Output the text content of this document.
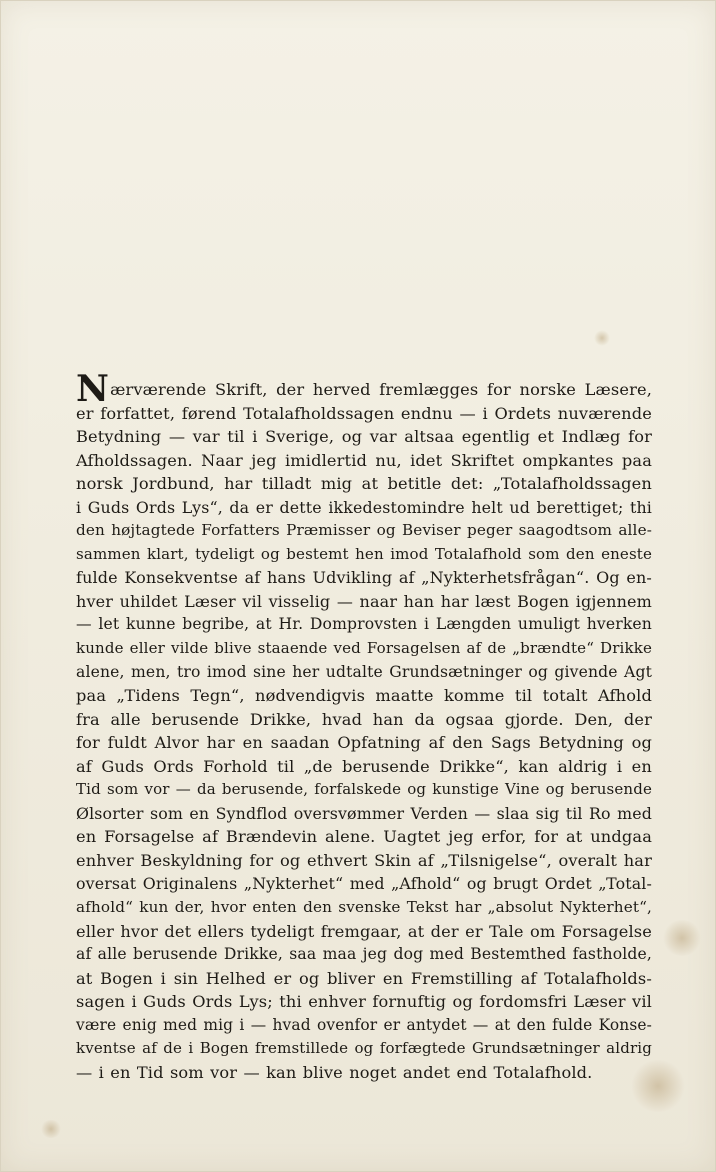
Nærværende Skrift, der herved fremlægges for norske Læsere,
er forfattet, førend Totalafholdssagen endnu — i Ordets nuværende
Betydning — var til i Sverige, og var altsaa egentlig et Indlæg for
Afholdssagen. Naar jeg imidlertid nu, idet Skriftet ompkantes paa
norsk Jordbund, har tilladt mig at betitle det: „Totalafholdssagen
i Guds Ords Lys“, da er dette ikkedestomindre helt ud berettiget; thi
den højtagtede Forfatters Præmisser og Beviser peger saagodtsom alle-
sammen klart, tydeligt og bestemt hen imod Totalafhold som den eneste
fulde Konsekventse af hans Udvikling af „Nykterhetsfrågan“. Og en-
hver uhildet Læser vil visselig — naar han har læst Bogen igjennem
— let kunne begribe, at Hr. Domprovsten i Længden umuligt hverken
kunde eller vilde blive staaende ved Forsagelsen af de „brændte“ Drikke
alene, men, tro imod sine her udtalte Grundsætninger og givende Agt
paa „Tidens Tegn“, nødvendigvis maatte komme til totalt Afhold
fra alle berusende Drikke, hvad han da ogsaa gjorde. Den, der
for fuldt Alvor har en saadan Opfatning af den Sags Betydning og
af Guds Ords Forhold til „de berusende Drikke“, kan aldrig i en
Tid som vor — da berusende, forfalskede og kunstige Vine og berusende
Ølsorter som en Syndflod oversvømmer Verden — slaa sig til Ro med
en Forsagelse af Brændevin alene. Uagtet jeg erfor, for at undgaa
enhver Beskyldning for og ethvert Skin af „Tilsnigelse“, overalt har
oversat Originalens „Nykterhet“ med „Afhold“ og brugt Ordet „Total-
afhold“ kun der, hvor enten den svenske Tekst har „absolut Nykterhet“,
eller hvor det ellers tydeligt fremgaar, at der er Tale om Forsagelse
af alle berusende Drikke, saa maa jeg dog med Bestemthed fastholde,
at Bogen i sin Helhed er og bliver en Fremstilling af Totalafholds-
sagen i Guds Ords Lys; thi enhver fornuftig og fordomsfri Læser vil
være enig med mig i — hvad ovenfor er antydet — at den fulde Konse-
kventse af de i Bogen fremstillede og forfægtede Grundsætninger aldrig
— i en Tid som vor — kan blive noget andet end Totalafhold.
